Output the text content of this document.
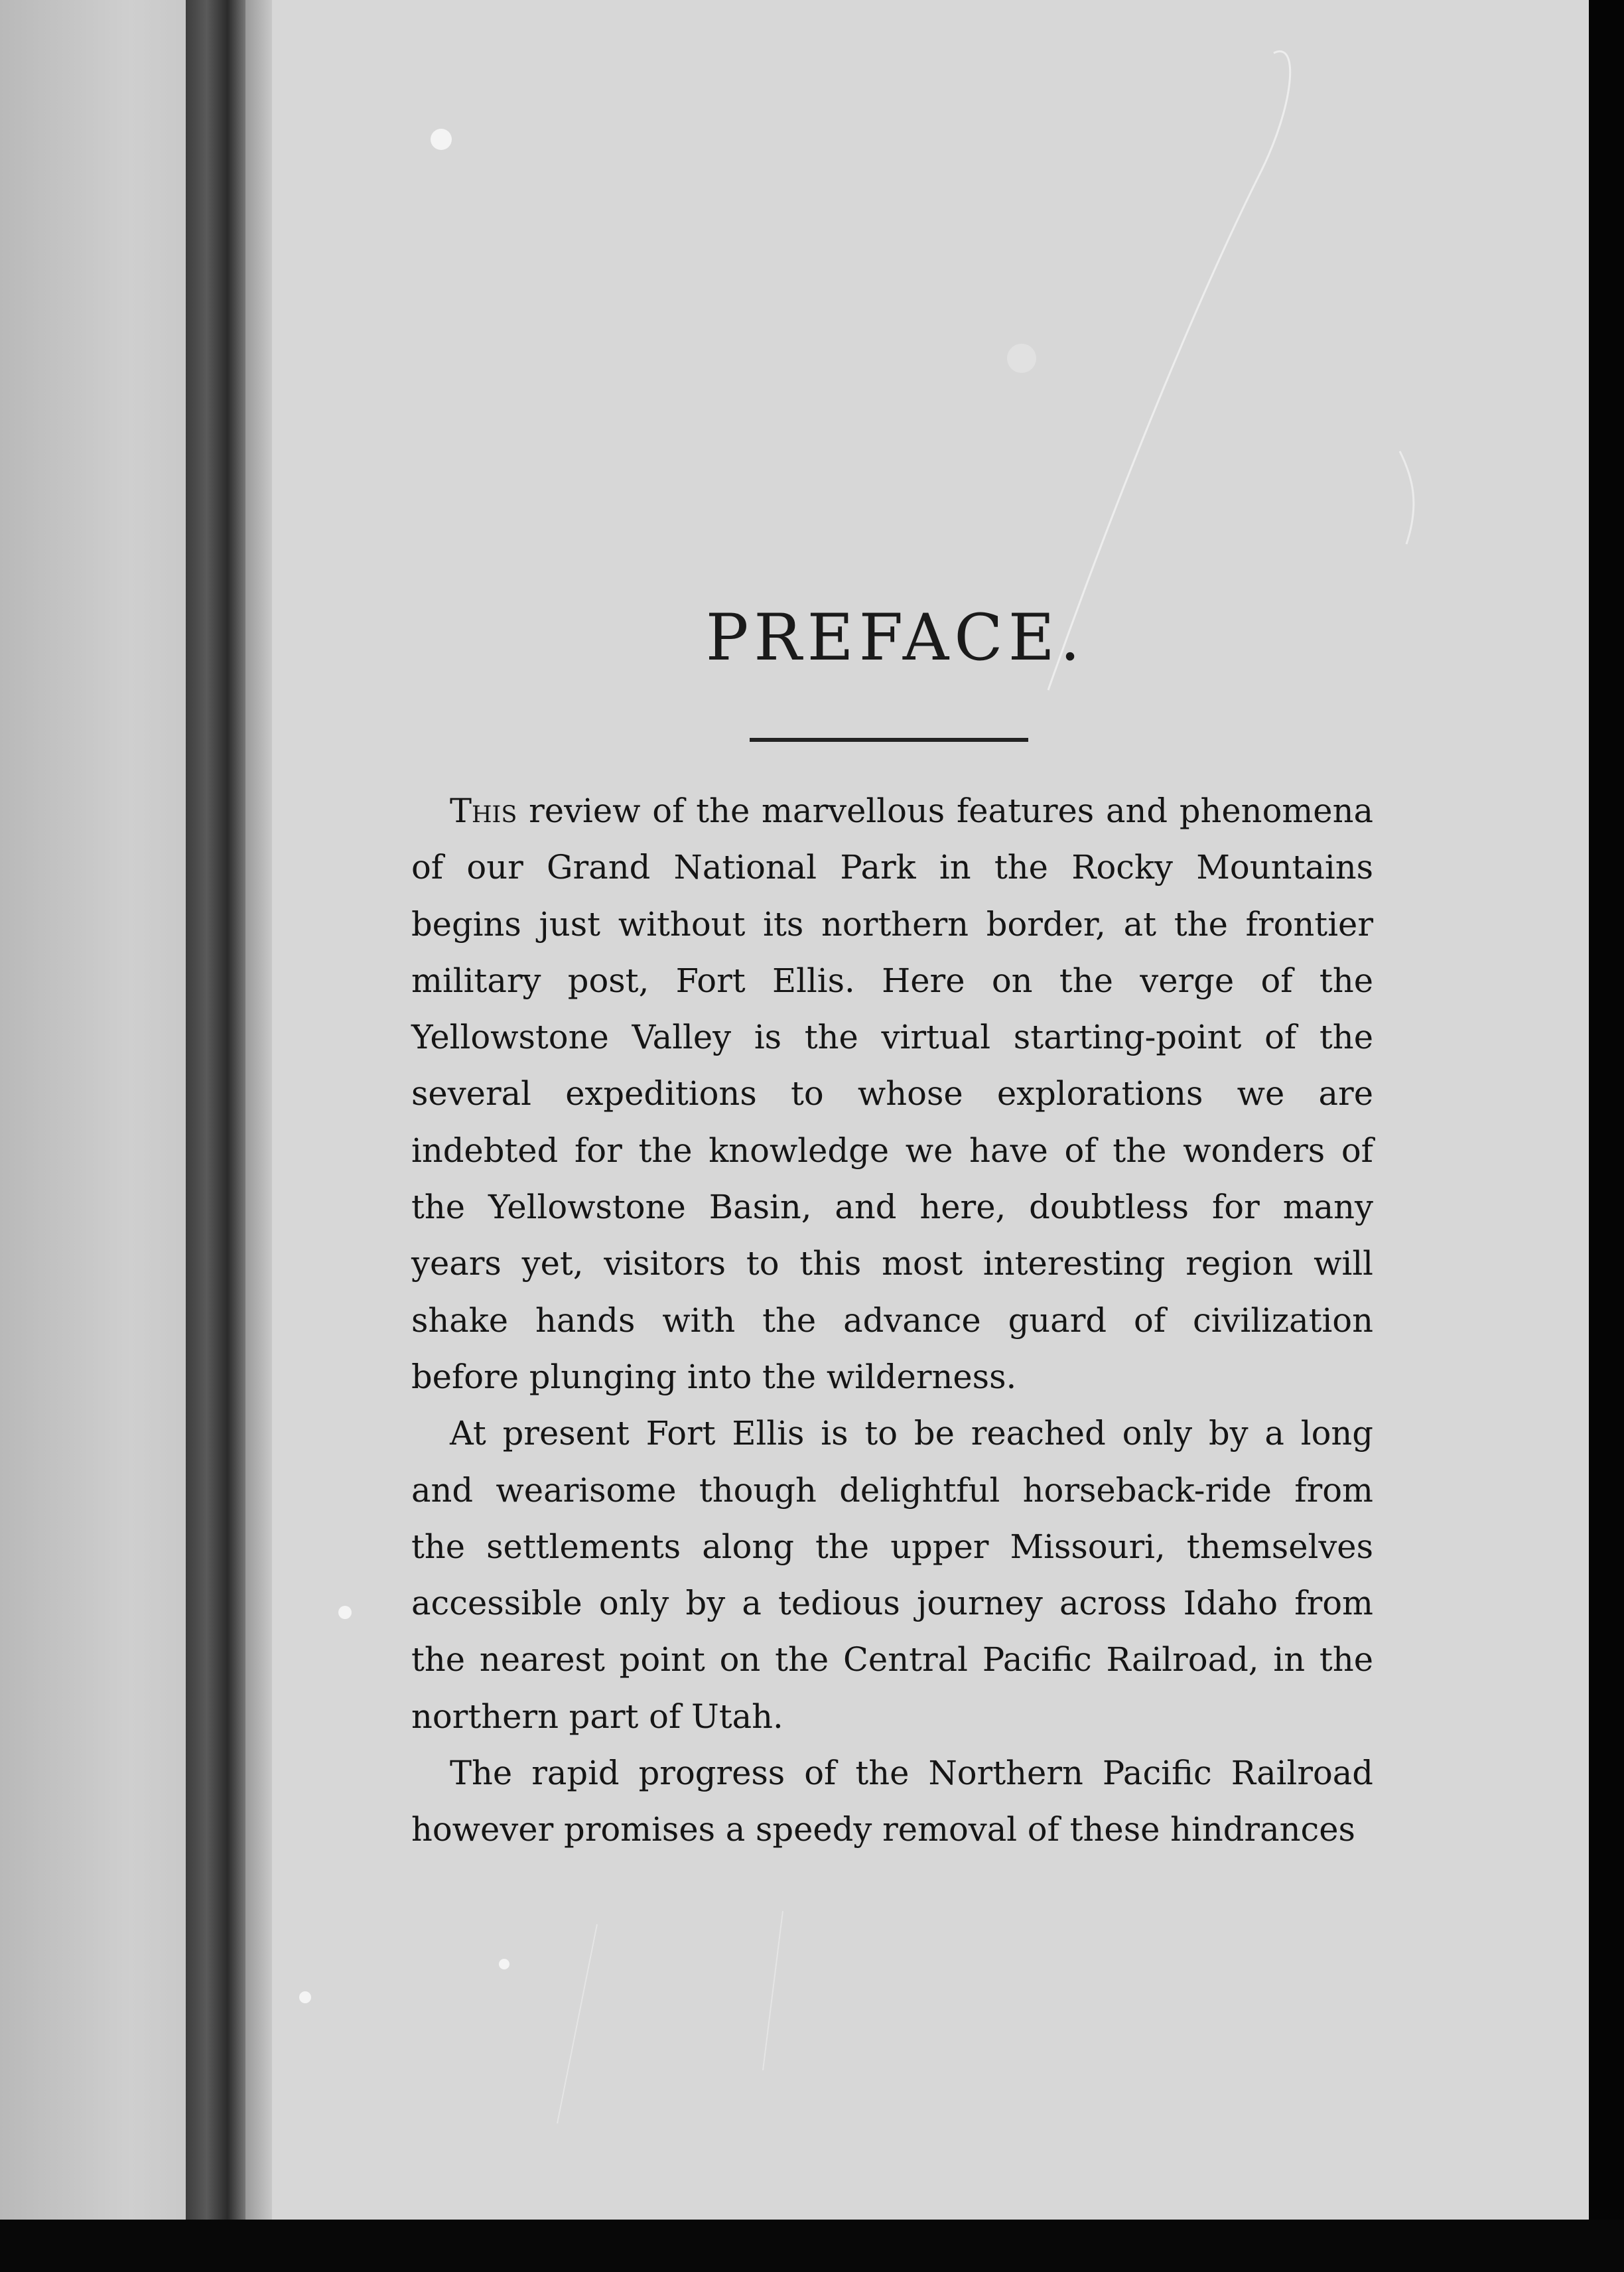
PREFACE.

This review of the marvellous features and phenomena of our Grand National Park in the Rocky Mountains begins just without its northern border, at the frontier military post, Fort Ellis. Here on the verge of the Yellowstone Valley is the virtual starting-point of the several expeditions to whose explorations we are indebted for the knowledge we have of the wonders of the Yellowstone Basin, and here, doubtless for many years yet, visitors to this most interesting region will shake hands with the advance guard of civilization before plunging into the wilderness.

At present Fort Ellis is to be reached only by a long and wearisome though delightful horseback-ride from the settlements along the upper Missouri, themselves accessible only by a tedious journey across Idaho from the nearest point on the Central Pacific Railroad, in the northern part of Utah.

The rapid progress of the Northern Pacific Railroad however promises a speedy removal of these hindrances
